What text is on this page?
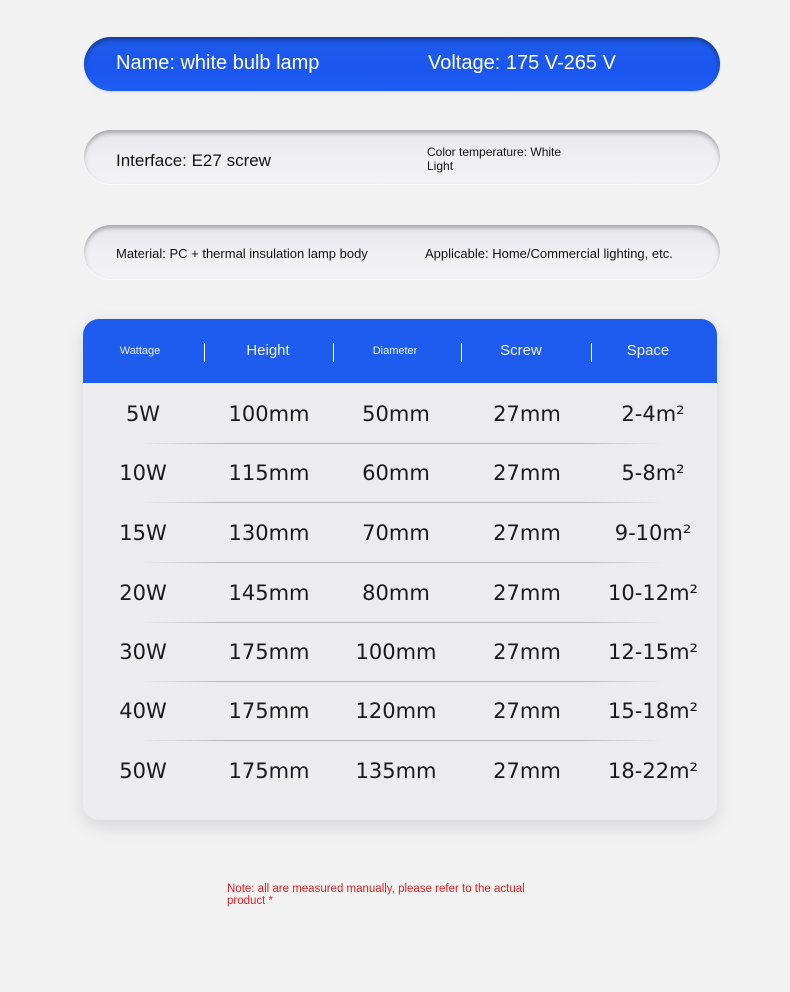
Name: white bulb lamp	Voltage: 175 V-265 V
Interface: E27 screw	Color temperature: White Light
Material: PC + thermal insulation lamp body	Applicable: Home/Commercial lighting, etc.
Wattage	Height	Diameter	Screw	Space
5W	100mm	50mm	27mm	2-4m²
10W	115mm	60mm	27mm	5-8m²
15W	130mm	70mm	27mm	9-10m²
20W	145mm	80mm	27mm	10-12m²
30W	175mm	100mm	27mm	12-15m²
40W	175mm	120mm	27mm	15-18m²
50W	175mm	135mm	27mm	18-22m²
Note: all are measured manually, please refer to the actual product *
